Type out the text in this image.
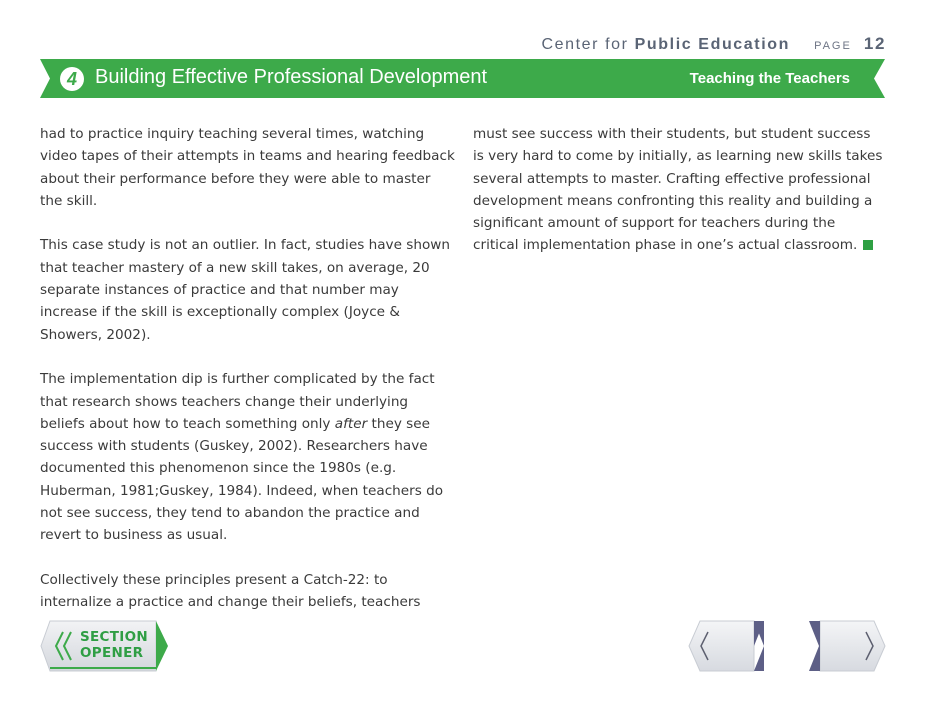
Center for Public Education PAGE 12
4 Building Effective Professional Development	Teaching the Teachers

had to practice inquiry teaching several times, watching video tapes of their attempts in teams and hearing feedback about their performance before they were able to master the skill.

This case study is not an outlier. In fact, studies have shown that teacher mastery of a new skill takes, on average, 20 separate instances of practice and that number may increase if the skill is exceptionally complex (Joyce & Showers, 2002).

The implementation dip is further complicated by the fact that research shows teachers change their underlying beliefs about how to teach something only after they see success with students (Guskey, 2002). Researchers have documented this phenomenon since the 1980s (e.g. Huberman, 1981;Guskey, 1984). Indeed, when teachers do not see success, they tend to abandon the practice and revert to business as usual.

Collectively these principles present a Catch-22: to internalize a practice and change their beliefs, teachers

must see success with their students, but student success is very hard to come by initially, as learning new skills takes several attempts to master. Crafting effective professional development means confronting this reality and building a significant amount of support for teachers during the critical implementation phase in one’s actual classroom.

SECTION
OPENER
